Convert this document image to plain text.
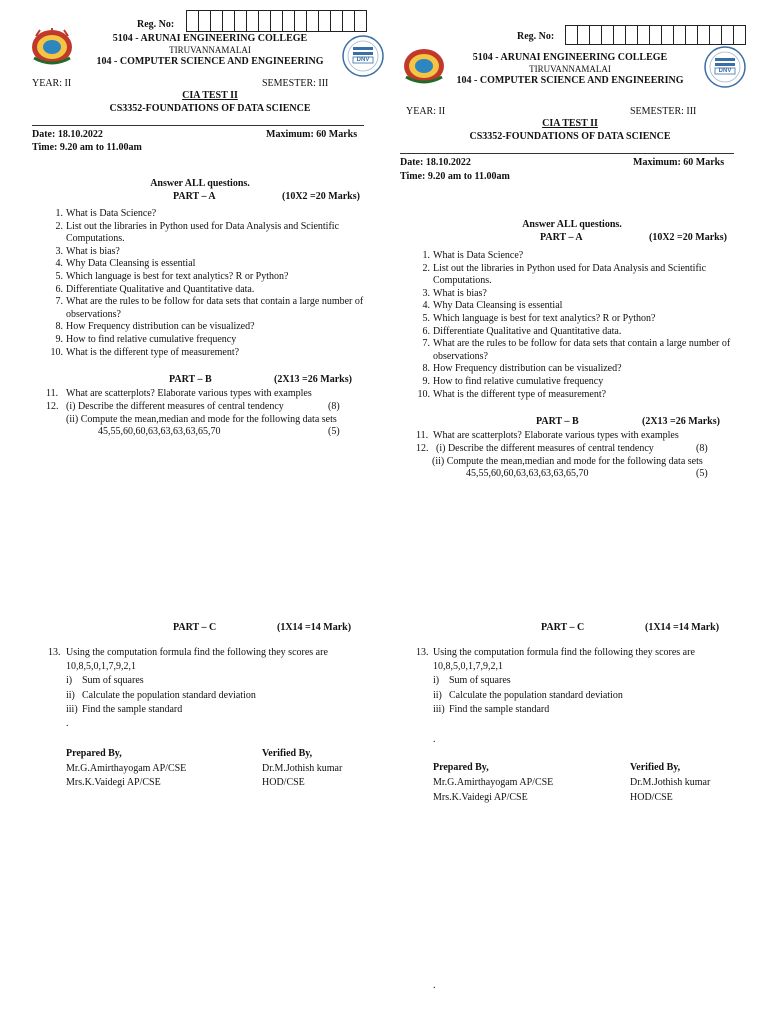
Reg. No:
DNV
5104 - ARUNAI ENGINEERING COLLEGE
TIRUVANNAMALAI
104 - COMPUTER SCIENCE AND ENGINEERING
YEAR: II	SEMESTER: III
CIA TEST II
CS3352-FOUNDATIONS OF DATA SCIENCE
Date: 18.10.2022	Maximum: 60 Marks
Time: 9.20 am to 11.00am
Answer ALL questions.
PART – A	(10X2 =20 Marks)
1. What is Data Science?
2. List out the libraries in Python used for Data Analysis and Scientific Computations.
3. What is bias?
4. Why Data Cleansing is essential
5. Which language is best for text analytics? R or Python?
6. Differentiate Qualitative and Quantitative data.
7. What are the rules to be follow for data sets that contain a large number of observations?
8. How Frequency distribution can be visualized?
9. How to find relative cumulative frequency
10. What is the different type of measurement?
PART – B	(2X13 =26 Marks)
11. What are scatterplots? Elaborate various types with examples
12. (i) Describe the different measures of central tendency	(8)
(ii) Compute the mean,median and mode for the following data sets
45,55,60,60,63,63,63,63,65,70	(5)
PART – C	(1X14 =14 Mark)
13. Using the computation formula find the following they scores are
10,8,5,0,1,7,9,2,1
i) Sum of squares
ii) Calculate the population standard deviation
iii) Find the sample standard
.
Prepared By,	Verified By,
Mr.G.Amirthayogam AP/CSE	Dr.M.Jothish kumar
Mrs.K.Vaidegi AP/CSE	HOD/CSE
Reg. No:
DNV
5104 - ARUNAI ENGINEERING COLLEGE
TIRUVANNAMALAI
104 - COMPUTER SCIENCE AND ENGINEERING
YEAR: II	SEMESTER: III
CIA TEST II
CS3352-FOUNDATIONS OF DATA SCIENCE
Date: 18.10.2022	Maximum: 60 Marks
Time: 9.20 am to 11.00am
Answer ALL questions.
PART – A	(10X2 =20 Marks)
1. What is Data Science?
2. List out the libraries in Python used for Data Analysis and Scientific Computations.
3. What is bias?
4. Why Data Cleansing is essential
5. Which language is best for text analytics? R or Python?
6. Differentiate Qualitative and Quantitative data.
7. What are the rules to be follow for data sets that contain a large number of observations?
8. How Frequency distribution can be visualized?
9. How to find relative cumulative frequency
10. What is the different type of measurement?
PART – B	(2X13 =26 Marks)
11. What are scatterplots? Elaborate various types with examples
12. (i) Describe the different measures of central tendency	(8)
(ii) Compute the mean,median and mode for the following data sets
45,55,60,60,63,63,63,63,65,70	(5)
PART – C	(1X14 =14 Mark)
13. Using the computation formula find the following they scores are
10,8,5,0,1,7,9,2,1
i) Sum of squares
ii) Calculate the population standard deviation
iii) Find the sample standard
.
Prepared By,	Verified By,
Mr.G.Amirthayogam AP/CSE	Dr.M.Jothish kumar
Mrs.K.Vaidegi AP/CSE	HOD/CSE
.
